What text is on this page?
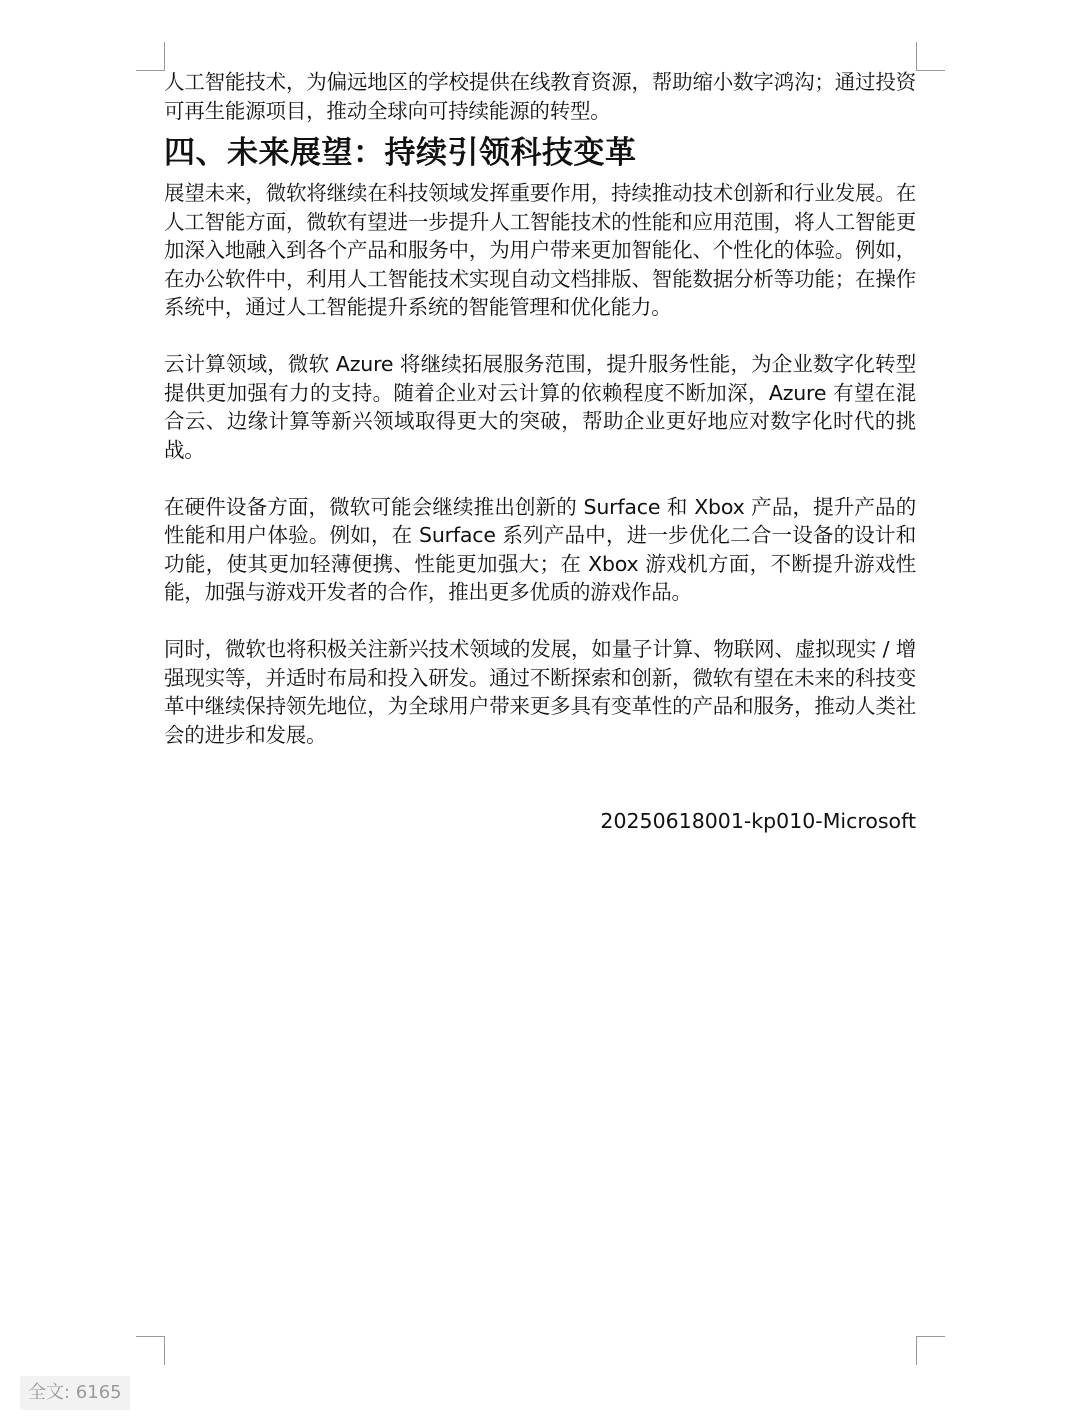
人工智能技术，为偏远地区的学校提供在线教育资源，帮助缩小数字鸿沟；通过投资可再生能源项目，推动全球向可持续能源的转型。

四、未来展望：持续引领科技变革

展望未来，微软将继续在科技领域发挥重要作用，持续推动技术创新和行业发展。在人工智能方面，微软有望进一步提升人工智能技术的性能和应用范围，将人工智能更加深入地融入到各个产品和服务中，为用户带来更加智能化、个性化的体验。例如，在办公软件中，利用人工智能技术实现自动文档排版、智能数据分析等功能；在操作系统中，通过人工智能提升系统的智能管理和优化能力。

云计算领域，微软 Azure 将继续拓展服务范围，提升服务性能，为企业数字化转型提供更加强有力的支持。随着企业对云计算的依赖程度不断加深，Azure 有望在混合云、边缘计算等新兴领域取得更大的突破，帮助企业更好地应对数字化时代的挑战。

在硬件设备方面，微软可能会继续推出创新的 Surface 和 Xbox 产品，提升产品的性能和用户体验。例如，在 Surface 系列产品中，进一步优化二合一设备的设计和功能，使其更加轻薄便携、性能更加强大；在 Xbox 游戏机方面，不断提升游戏性能，加强与游戏开发者的合作，推出更多优质的游戏作品。

同时，微软也将积极关注新兴技术领域的发展，如量子计算、物联网、虚拟现实 / 增强现实等，并适时布局和投入研发。通过不断探索和创新，微软有望在未来的科技变革中继续保持领先地位，为全球用户带来更多具有变革性的产品和服务，推动人类社会的进步和发展。

20250618001-kp010-Microsoft
全文: 6165
